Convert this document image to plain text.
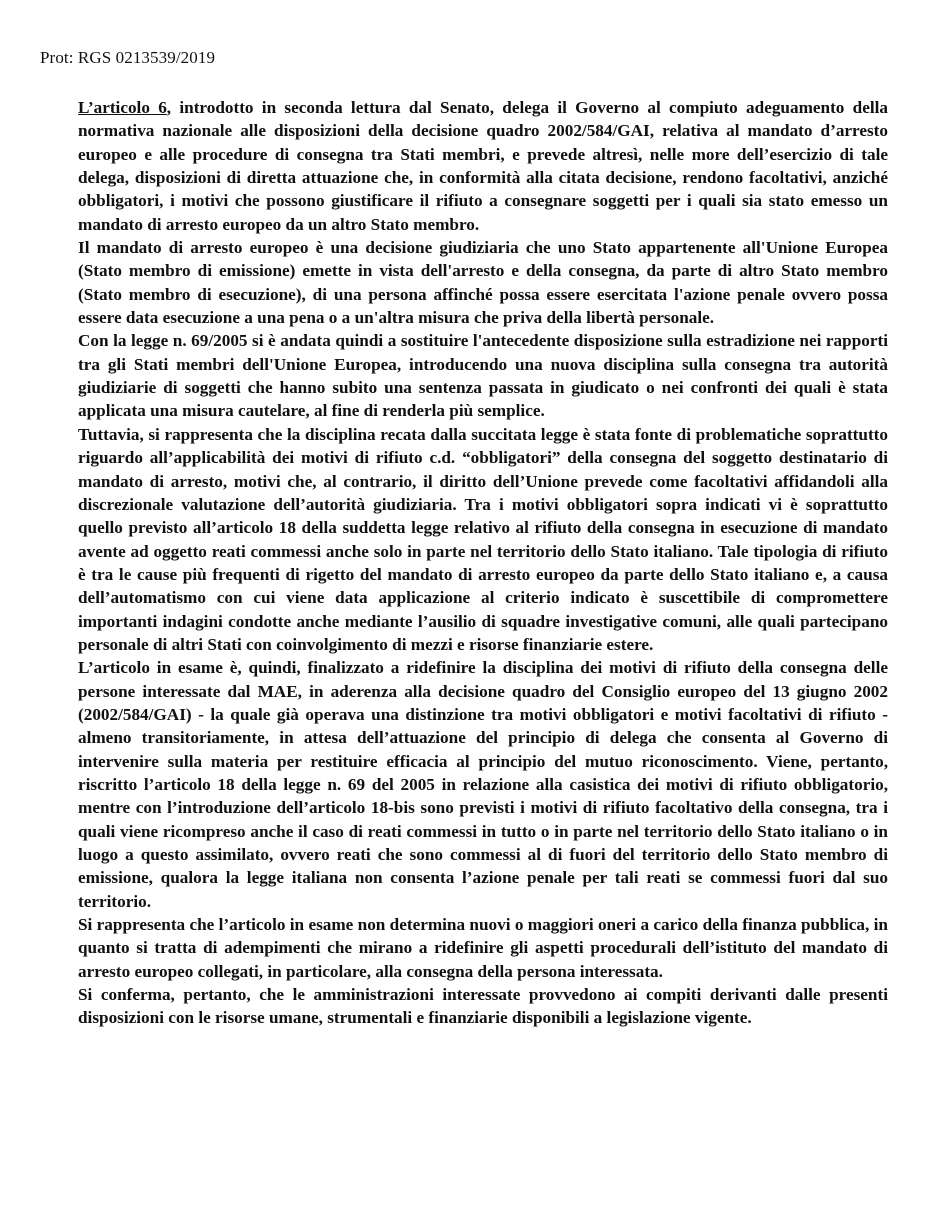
Prot: RGS 0213539/2019

L’articolo 6, introdotto in seconda lettura dal Senato, delega il Governo al compiuto adeguamento della normativa nazionale alle disposizioni della decisione quadro 2002/584/GAI, relativa al mandato d’arresto europeo e alle procedure di consegna tra Stati membri, e prevede altresì, nelle more dell’esercizio di tale delega, disposizioni di diretta attuazione che, in conformità alla citata decisione, rendono facoltativi, anziché obbligatori, i motivi che possono giustificare il rifiuto a consegnare soggetti per i quali sia stato emesso un mandato di arresto europeo da un altro Stato membro.

Il mandato di arresto europeo è una decisione giudiziaria che uno Stato appartenente all'Unione Europea (Stato membro di emissione) emette in vista dell'arresto e della consegna, da parte di altro Stato membro (Stato membro di esecuzione), di una persona affinché possa essere esercitata l'azione penale ovvero possa essere data esecuzione a una pena o a un'altra misura che priva della libertà personale.

Con la legge n. 69/2005 si è andata quindi a sostituire l'antecedente disposizione sulla estradizione nei rapporti tra gli Stati membri dell'Unione Europea, introducendo una nuova disciplina sulla consegna tra autorità giudiziarie di soggetti che hanno subito una sentenza passata in giudicato o nei confronti dei quali è stata applicata una misura cautelare, al fine di renderla più semplice.

Tuttavia, si rappresenta che la disciplina recata dalla succitata legge è stata fonte di problematiche soprattutto riguardo all’applicabilità dei motivi di rifiuto c.d. “obbligatori” della consegna del soggetto destinatario di mandato di arresto, motivi che, al contrario, il diritto dell’Unione prevede come facoltativi affidandoli alla discrezionale valutazione dell’autorità giudiziaria. Tra i motivi obbligatori sopra indicati vi è soprattutto quello previsto all’articolo 18 della suddetta legge relativo al rifiuto della consegna in esecuzione di mandato avente ad oggetto reati commessi anche solo in parte nel territorio dello Stato italiano. Tale tipologia di rifiuto è tra le cause più frequenti di rigetto del mandato di arresto europeo da parte dello Stato italiano e, a causa dell’automatismo con cui viene data applicazione al criterio indicato è suscettibile di compromettere importanti indagini condotte anche mediante l’ausilio di squadre investigative comuni, alle quali partecipano personale di altri Stati con coinvolgimento di mezzi e risorse finanziarie estere.

L’articolo in esame è, quindi, finalizzato a ridefinire la disciplina dei motivi di rifiuto della consegna delle persone interessate dal MAE, in aderenza alla decisione quadro del Consiglio europeo del 13 giugno 2002 (2002/584/GAI) - la quale già operava una distinzione tra motivi obbligatori e motivi facoltativi di rifiuto - almeno transitoriamente, in attesa dell’attuazione del principio di delega che consenta al Governo di intervenire sulla materia per restituire efficacia al principio del mutuo riconoscimento. Viene, pertanto, riscritto l’articolo 18 della legge n. 69 del 2005 in relazione alla casistica dei motivi di rifiuto obbligatorio, mentre con l’introduzione dell’articolo 18-bis sono previsti i motivi di rifiuto facoltativo della consegna, tra i quali viene ricompreso anche il caso di reati commessi in tutto o in parte nel territorio dello Stato italiano o in luogo a questo assimilato, ovvero reati che sono commessi al di fuori del territorio dello Stato membro di emissione, qualora la legge italiana non consenta l’azione penale per tali reati se commessi fuori dal suo territorio.

Si rappresenta che l’articolo in esame non determina nuovi o maggiori oneri a carico della finanza pubblica, in quanto si tratta di adempimenti che mirano a ridefinire gli aspetti procedurali dell’istituto del mandato di arresto europeo collegati, in particolare, alla consegna della persona interessata.

Si conferma, pertanto, che le amministrazioni interessate provvedono ai compiti derivanti dalle presenti disposizioni con le risorse umane, strumentali e finanziarie disponibili a legislazione vigente.
